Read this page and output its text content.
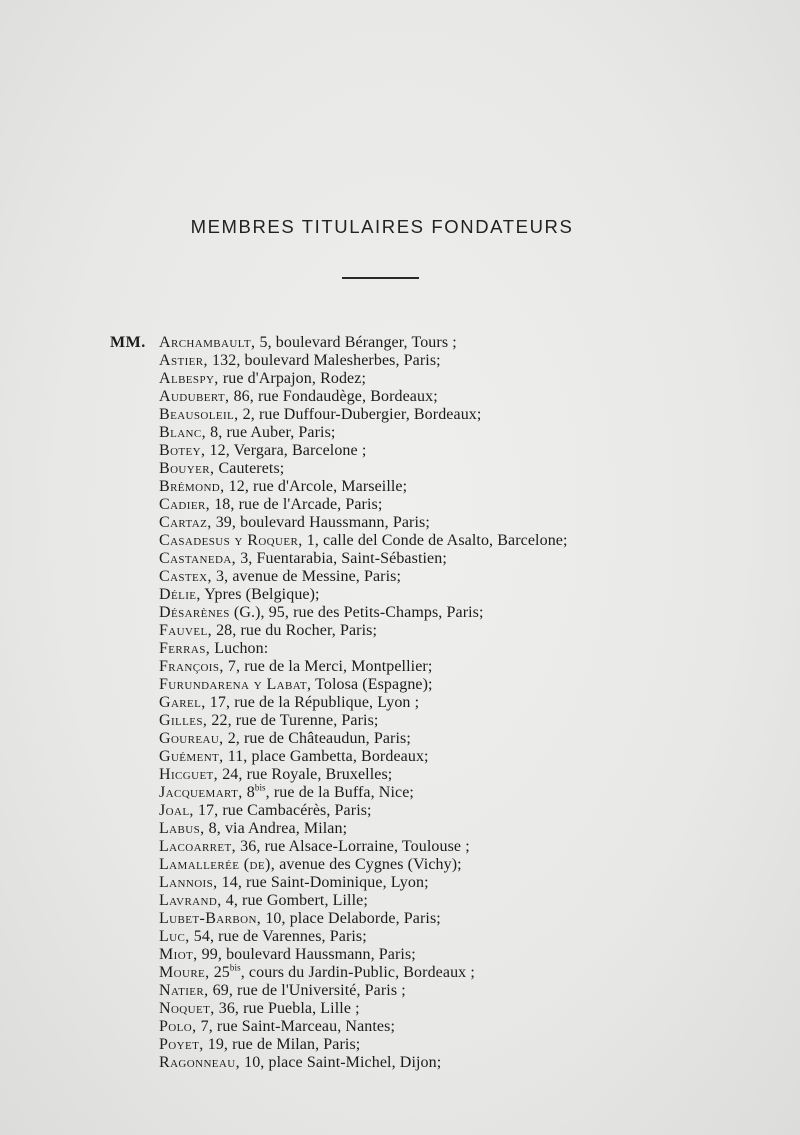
MEMBRES TITULAIRES FONDATEURS
MM. Archambault, 5, boulevard Béranger, Tours ;
Astier, 132, boulevard Malesherbes, Paris;
Albespy, rue d'Arpajon, Rodez;
Audubert, 86, rue Fondaudège, Bordeaux;
Beausoleil, 2, rue Duffour-Dubergier, Bordeaux;
Blanc, 8, rue Auber, Paris;
Botey, 12, Vergara, Barcelone ;
Bouyer, Cauterets;
Brémond, 12, rue d'Arcole, Marseille;
Cadier, 18, rue de l'Arcade, Paris;
Cartaz, 39, boulevard Haussmann, Paris;
Casadesus y Roquer, 1, calle del Conde de Asalto, Barcelone;
Castaneda, 3, Fuentarabia, Saint-Sébastien;
Castex, 3, avenue de Messine, Paris;
Délie, Ypres (Belgique);
Désarènes (G.), 95, rue des Petits-Champs, Paris;
Fauvel, 28, rue du Rocher, Paris;
Ferras, Luchon:
François, 7, rue de la Merci, Montpellier;
Furundarena y Labat, Tolosa (Espagne);
Garel, 17, rue de la République, Lyon ;
Gilles, 22, rue de Turenne, Paris;
Goureau, 2, rue de Châteaudun, Paris;
Guément, 11, place Gambetta, Bordeaux;
Hicguet, 24, rue Royale, Bruxelles;
Jacquemart, $8^{bis}$, rue de la Buffa, Nice;
Joal, 17, rue Cambacérès, Paris;
Labus, 8, via Andrea, Milan;
Lacoarret, 36, rue Alsace-Lorraine, Toulouse ;
Lamallerée (de), avenue des Cygnes (Vichy);
Lannois, 14, rue Saint-Dominique, Lyon;
Lavrand, 4, rue Gombert, Lille;
Lubet-Barbon, 10, place Delaborde, Paris;
Luc, 54, rue de Varennes, Paris;
Miot, 99, boulevard Haussmann, Paris;
Moure, $25^{bis}$, cours du Jardin-Public, Bordeaux ;
Natier, 69, rue de l'Université, Paris ;
Noquet, 36, rue Puebla, Lille ;
Polo, 7, rue Saint-Marceau, Nantes;
Poyet, 19, rue de Milan, Paris;
Ragonneau, 10, place Saint-Michel, Dijon;
